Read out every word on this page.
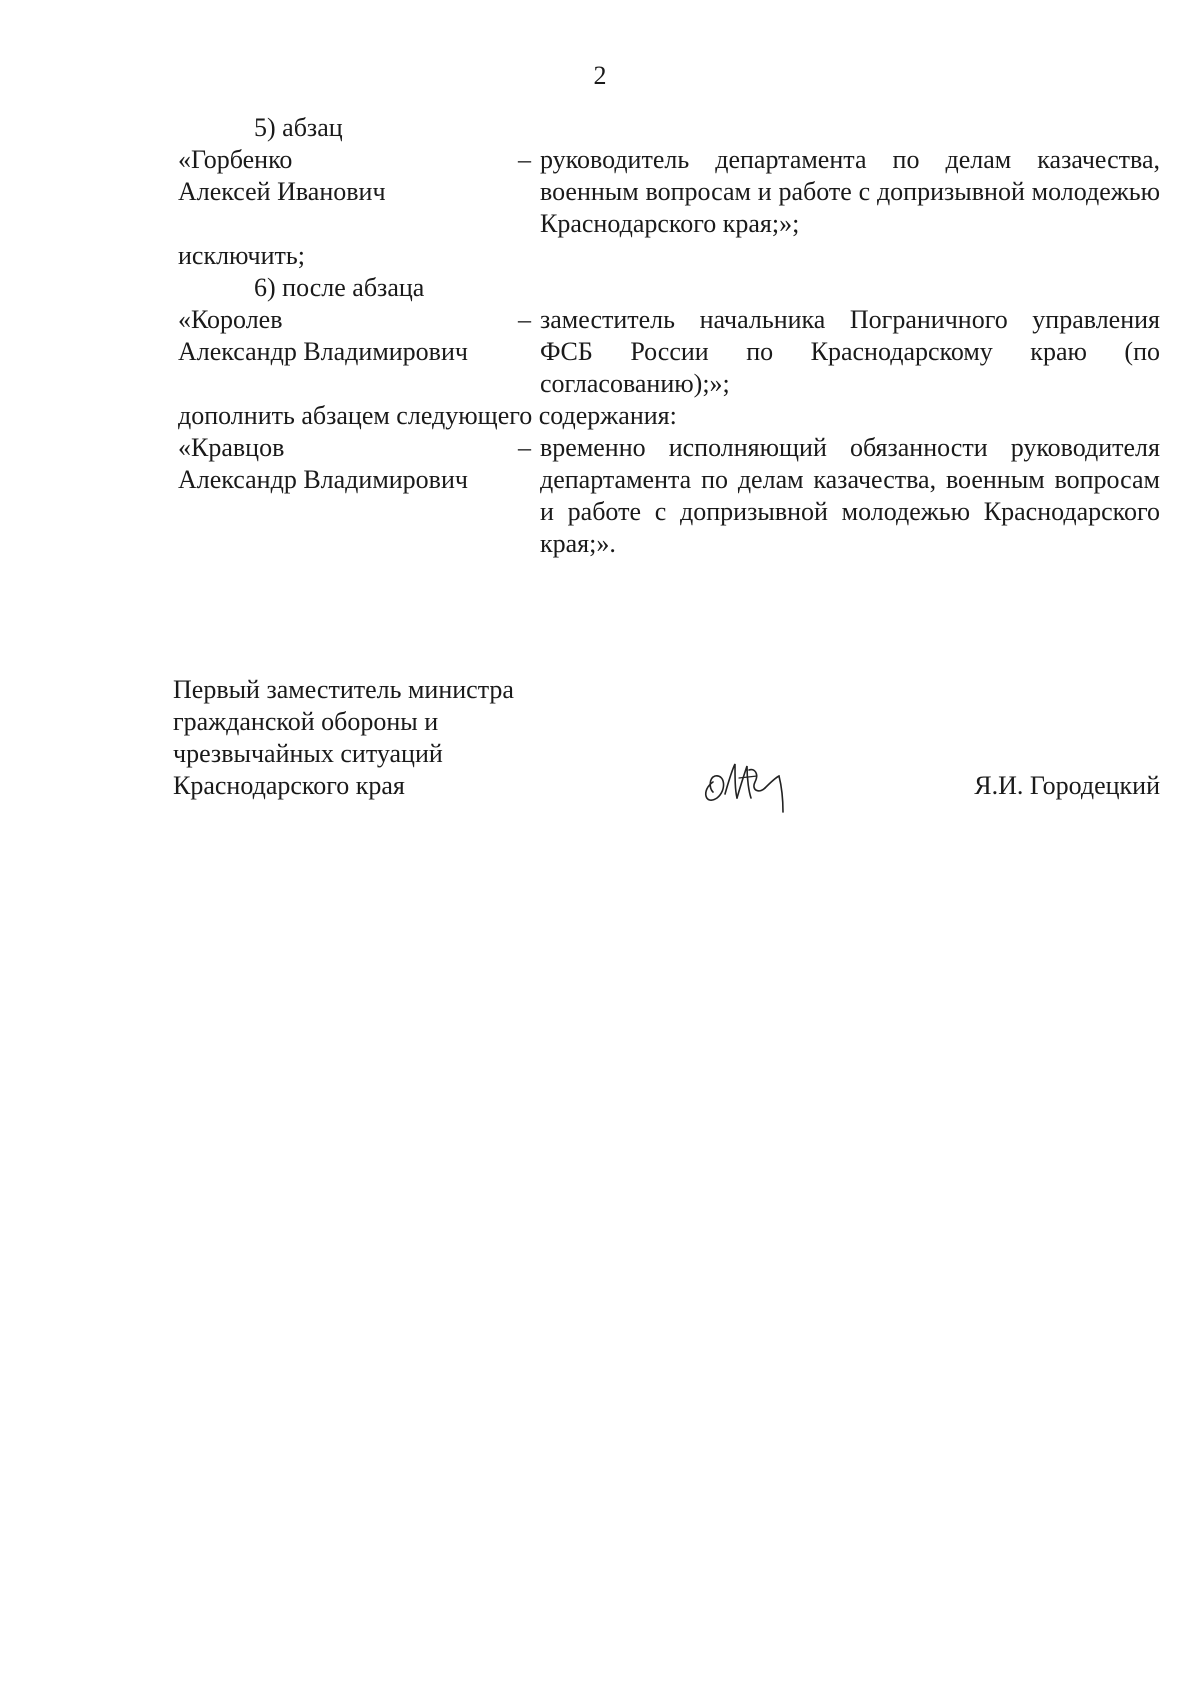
2
5) абзац
«Горбенко
Алексей Иванович
– руководитель департамента по делам казачества, военным вопросам и работе с допризывной молодежью Краснодарского края;»;
исключить;
6) после абзаца
«Королев
Александр Владимирович
– заместитель начальника Пограничного управления ФСБ России по Краснодарскому краю (по согласованию);»;
дополнить абзацем следующего содержания:
«Кравцов
Александр Владимирович
– временно исполняющий обязанности руководителя департамента по делам казачества, военным вопросам и работе с допризывной молодежью Краснодарского края;».
Первый заместитель министра
гражданской обороны и
чрезвычайных ситуаций
Краснодарского края	Я.И. Городецкий
